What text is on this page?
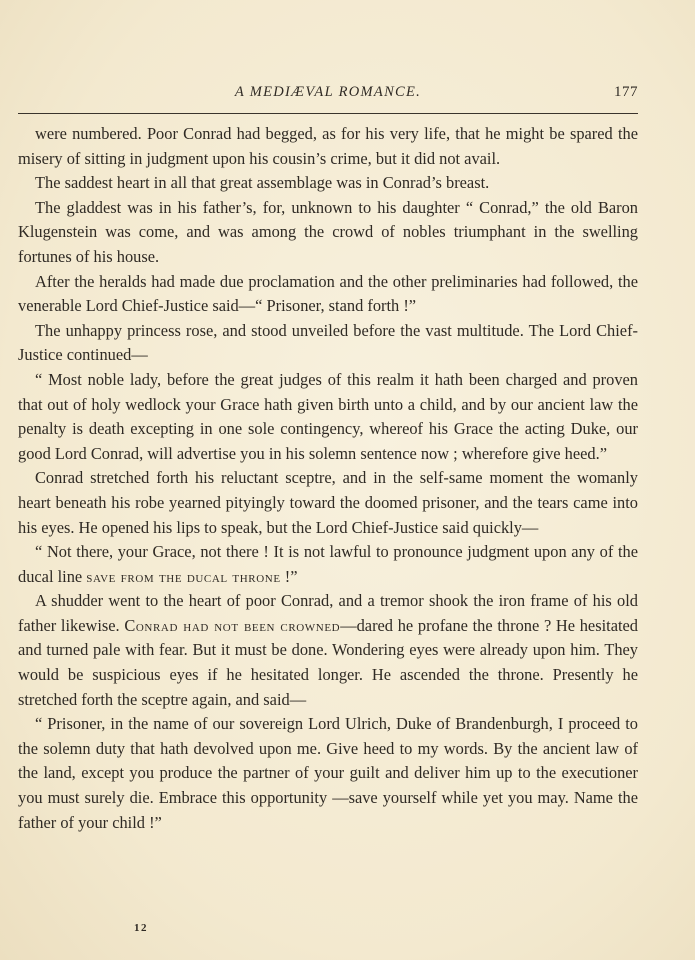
A MEDIÆVAL ROMANCE.	177

were numbered. Poor Conrad had begged, as for his very life, that he might be spared the misery of sitting in judgment upon his cousin’s crime, but it did not avail.

The saddest heart in all that great assemblage was in Conrad’s breast.

The gladdest was in his father’s, for, unknown to his daughter “ Conrad,” the old Baron Klugenstein was come, and was among the crowd of nobles triumphant in the swelling fortunes of his house.

After the heralds had made due proclamation and the other preliminaries had followed, the venerable Lord Chief-Justice said—“ Prisoner, stand forth !”

The unhappy princess rose, and stood unveiled before the vast multitude. The Lord Chief-Justice continued—

“ Most noble lady, before the great judges of this realm it hath been charged and proven that out of holy wedlock your Grace hath given birth unto a child, and by our ancient law the penalty is death excepting in one sole contingency, whereof his Grace the acting Duke, our good Lord Conrad, will advertise you in his solemn sentence now ; wherefore give heed.”

Conrad stretched forth his reluctant sceptre, and in the self-same moment the womanly heart beneath his robe yearned pityingly toward the doomed prisoner, and the tears came into his eyes. He opened his lips to speak, but the Lord Chief-Justice said quickly—

“ Not there, your Grace, not there ! It is not lawful to pronounce judgment upon any of the ducal line save from the ducal throne !”

A shudder went to the heart of poor Conrad, and a tremor shook the iron frame of his old father likewise. Conrad had not been crowned—dared he profane the throne ? He hesitated and turned pale with fear. But it must be done. Wondering eyes were already upon him. They would be suspicious eyes if he hesitated longer. He ascended the throne. Presently he stretched forth the sceptre again, and said—

“ Prisoner, in the name of our sovereign Lord Ulrich, Duke of Brandenburgh, I proceed to the solemn duty that hath devolved upon me. Give heed to my words. By the ancient law of the land, except you produce the partner of your guilt and deliver him up to the executioner you must surely die. Embrace this opportunity —save yourself while yet you may. Name the father of your child !”

12
